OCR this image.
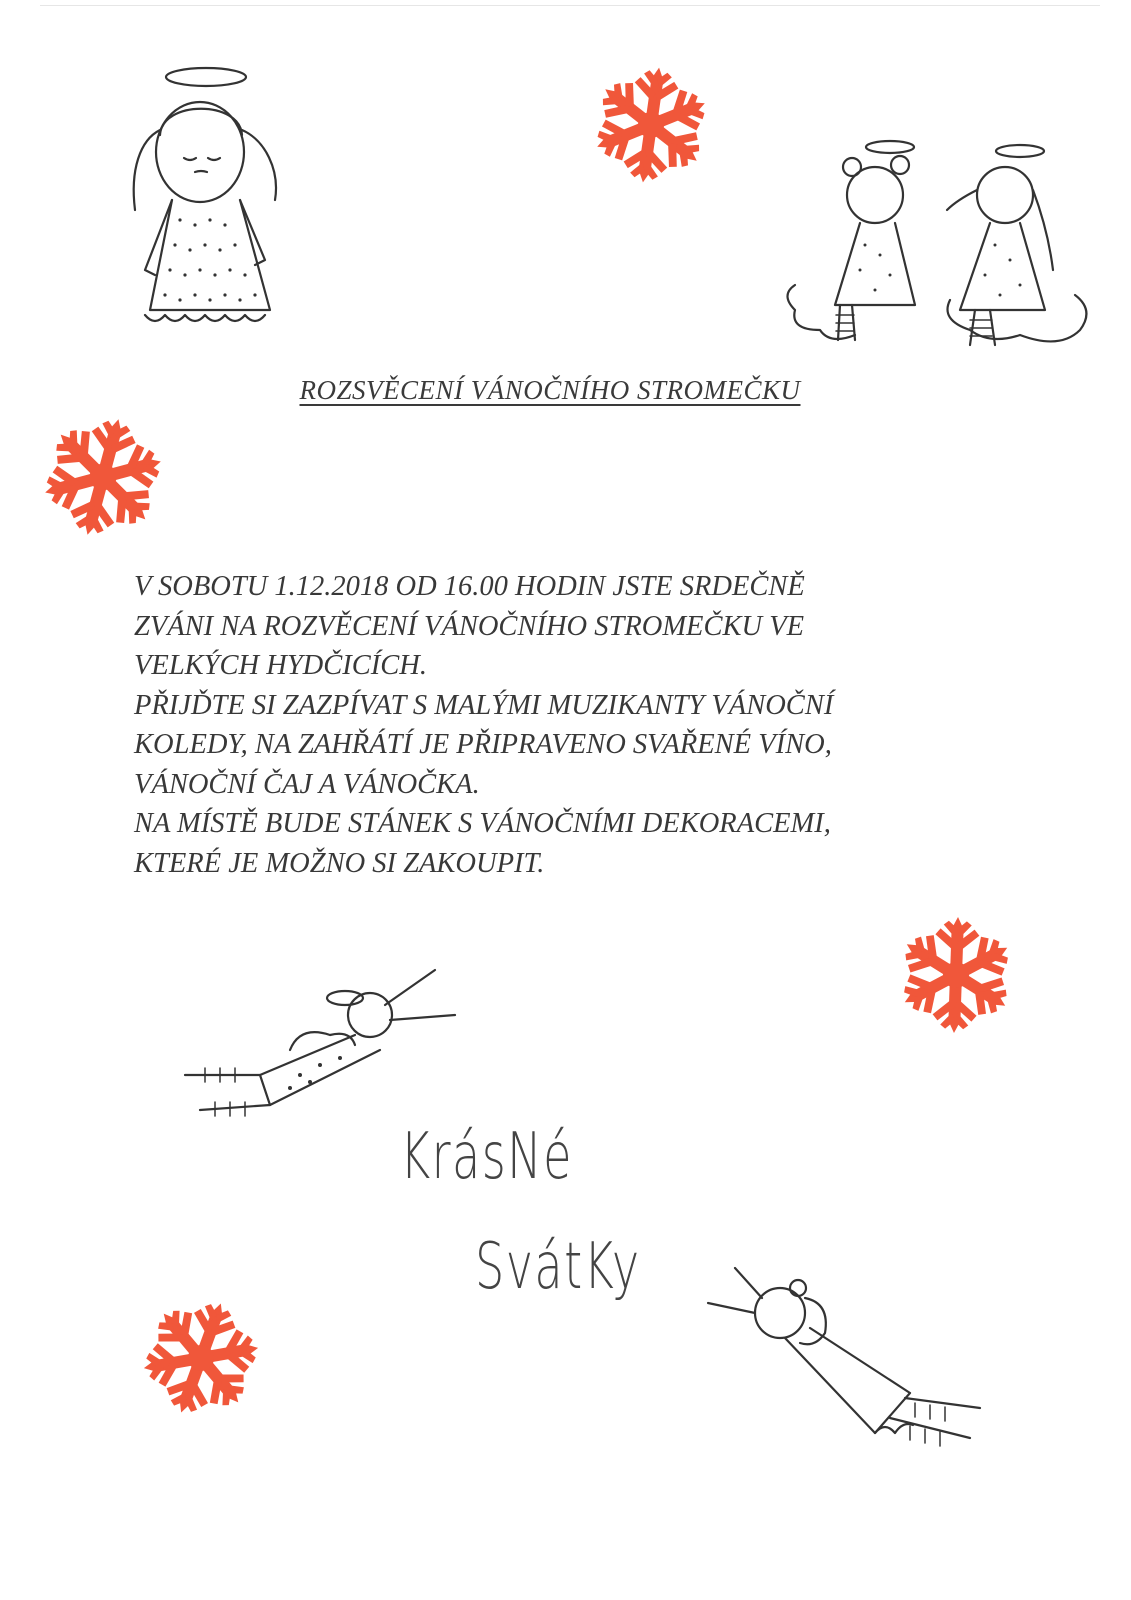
ROZSVĚCENÍ VÁNOČNÍHO STROMEČKU
V SOBOTU 1.12.2018 OD 16.00 HODIN JSTE SRDEČNĚ
ZVÁNI NA ROZVĚCENÍ VÁNOČNÍHO STROMEČKU VE
VELKÝCH HYDČICÍCH.
PŘIJĎTE SI ZAZPÍVAT S MALÝMI MUZIKANTY VÁNOČNÍ
KOLEDY, NA ZAHŘÁTÍ JE PŘIPRAVENO SVAŘENÉ VÍNO,
VÁNOČNÍ ČAJ A VÁNOČKA.
NA MÍSTĚ BUDE STÁNEK S VÁNOČNÍMI DEKORACEMI,
KTERÉ JE MOŽNO SI ZAKOUPIT.
KrásNé
SvátKy
